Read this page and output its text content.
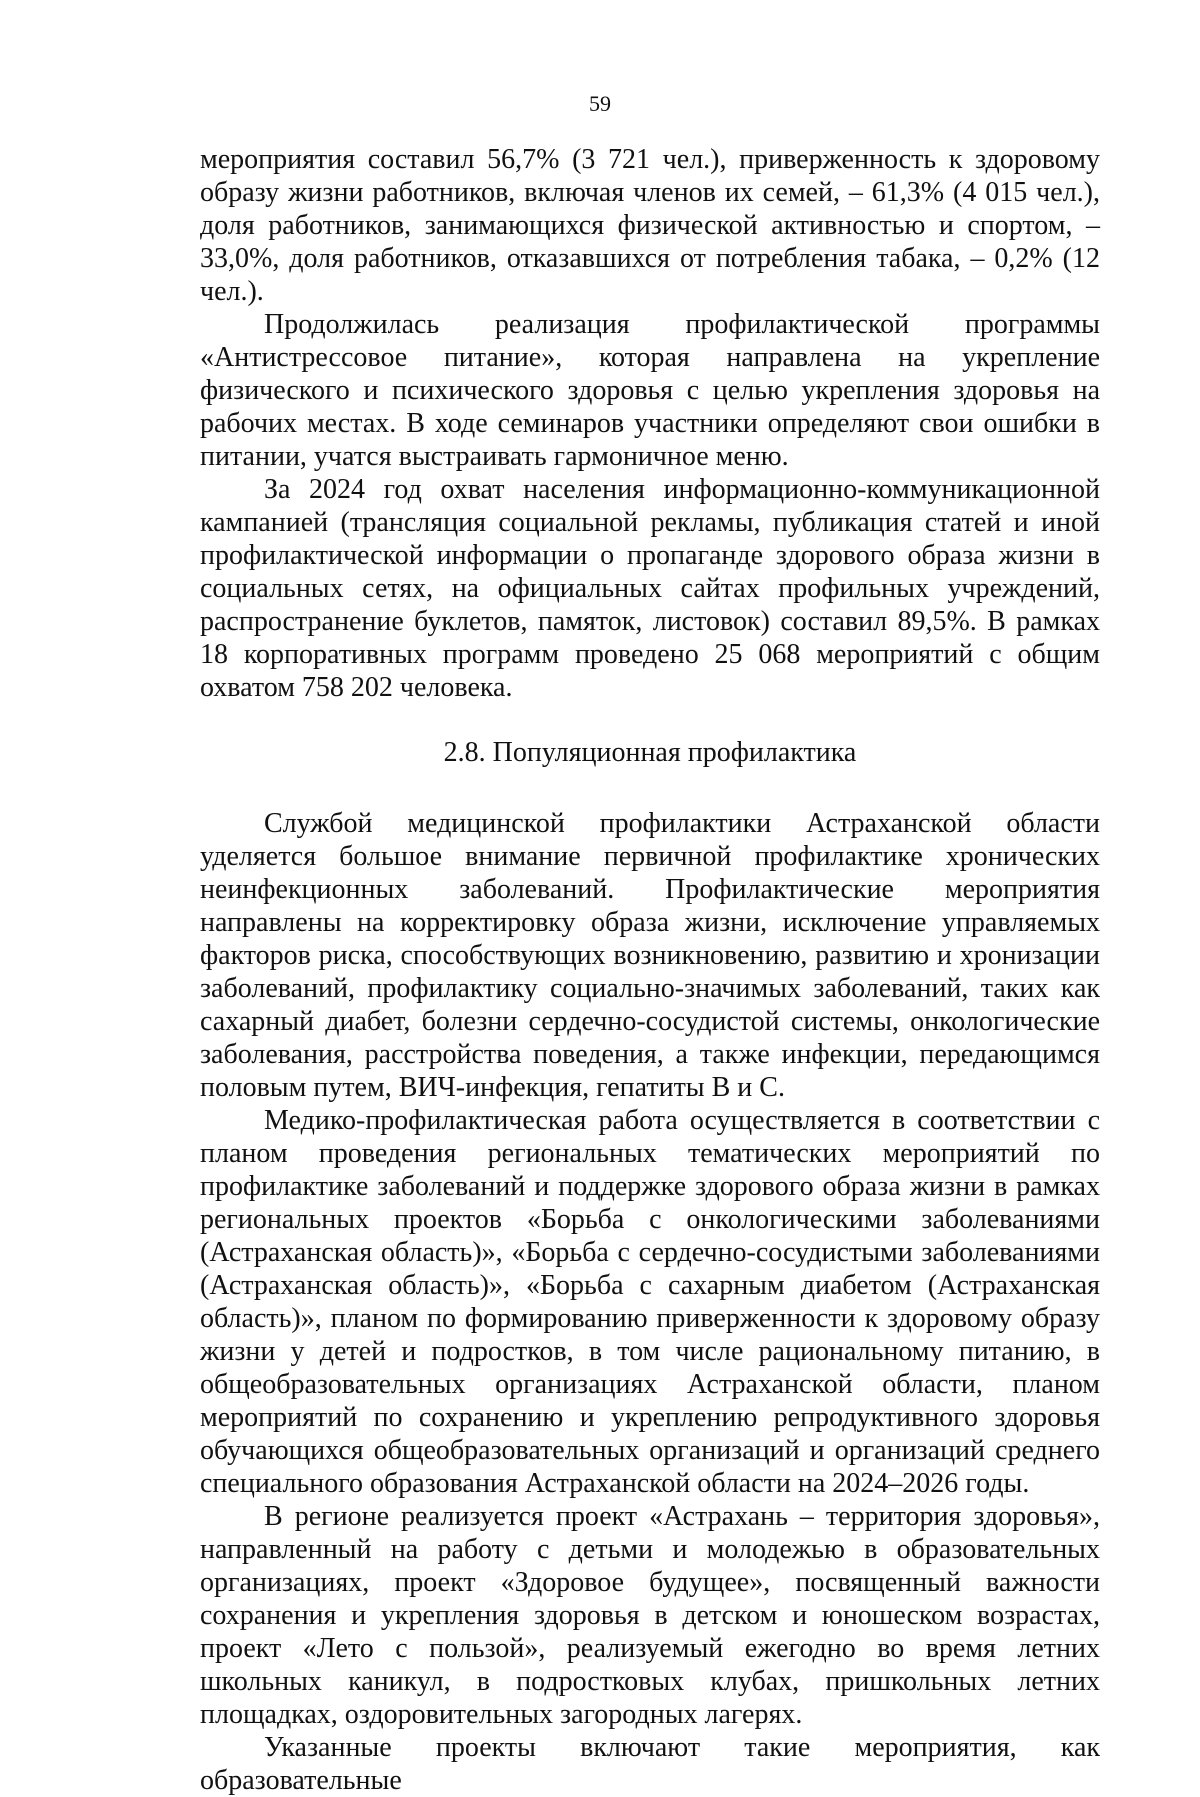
59

мероприятия составил 56,7% (3 721 чел.), приверженность к здоровому образу жизни работников, включая членов их семей, – 61,3% (4 015 чел.), доля работников, занимающихся физической активностью и спортом, – 33,0%, доля работников, отказавшихся от потребления табака, – 0,2% (12 чел.).

Продолжилась реализация профилактической программы «Антистрессовое питание», которая направлена на укрепление физического и психического здоровья с целью укрепления здоровья на рабочих местах. В ходе семинаров участники определяют свои ошибки в питании, учатся выстраивать гармоничное меню.

За 2024 год охват населения информационно-коммуникационной кампанией (трансляция социальной рекламы, публикация статей и иной профилактической информации о пропаганде здорового образа жизни в социальных сетях, на официальных сайтах профильных учреждений, распространение буклетов, памяток, листовок) составил 89,5%. В рамках 18 корпоративных программ проведено 25 068 мероприятий с общим охватом 758 202 человека.

2.8. Популяционная профилактика

Службой медицинской профилактики Астраханской области уделяется большое внимание первичной профилактике хронических неинфекционных заболеваний. Профилактические мероприятия направлены на корректировку образа жизни, исключение управляемых факторов риска, способствующих возникновению, развитию и хронизации заболеваний, профилактику социально-значимых заболеваний, таких как сахарный диабет, болезни сердечно-сосудистой системы, онкологические заболевания, расстройства поведения, а также инфекции, передающимся половым путем, ВИЧ-инфекция, гепатиты В и С.

Медико-профилактическая работа осуществляется в соответствии с планом проведения региональных тематических мероприятий по профилактике заболеваний и поддержке здорового образа жизни в рамках региональных проектов «Борьба с онкологическими заболеваниями (Астраханская область)», «Борьба с сердечно-сосудистыми заболеваниями (Астраханская область)», «Борьба с сахарным диабетом (Астраханская область)», планом по формированию приверженности к здоровому образу жизни у детей и подростков, в том числе рациональному питанию, в общеобразовательных организациях Астраханской области, планом мероприятий по сохранению и укреплению репродуктивного здоровья обучающихся общеобразовательных организаций и организаций среднего специального образования Астраханской области на 2024–2026 годы.

В регионе реализуется проект «Астрахань – территория здоровья», направленный на работу с детьми и молодежью в образовательных организациях, проект «Здоровое будущее», посвященный важности сохранения и укрепления здоровья в детском и юношеском возрастах, проект «Лето с пользой», реализуемый ежегодно во время летних школьных каникул, в подростковых клубах, пришкольных летних площадках, оздоровительных загородных лагерях.

Указанные проекты включают такие мероприятия, как образовательные
